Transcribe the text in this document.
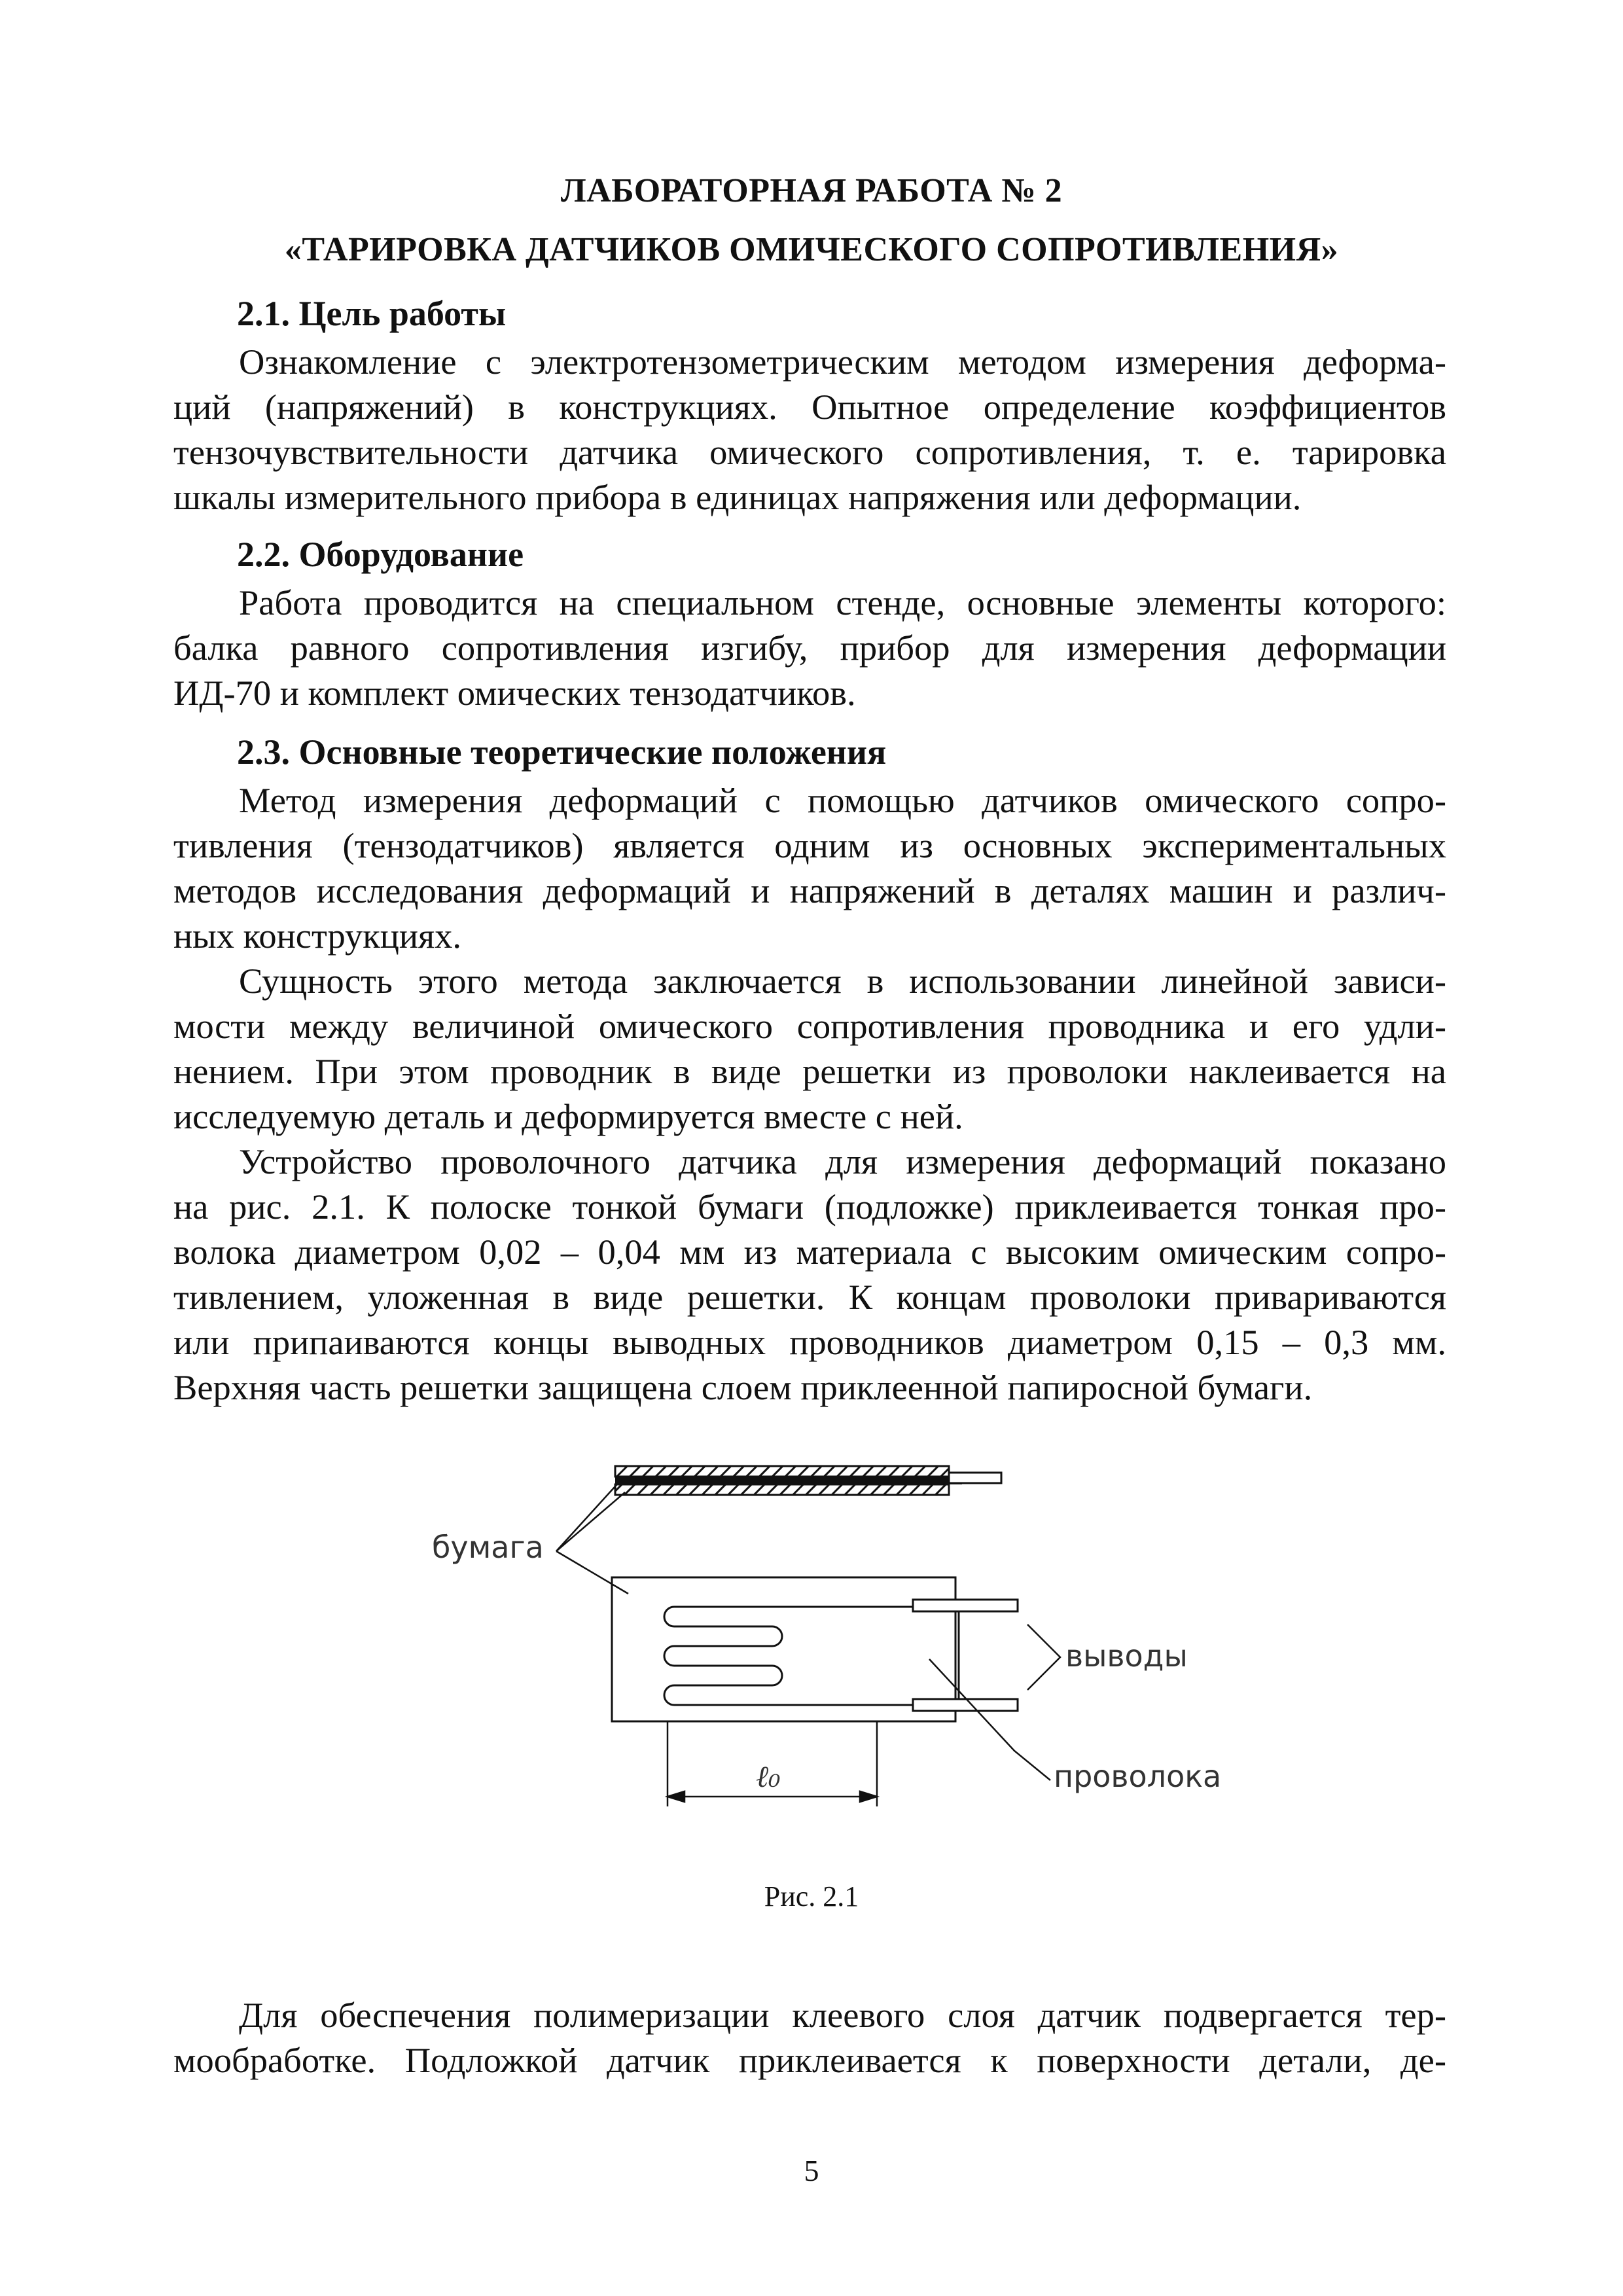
ЛАБОРАТОРНАЯ РАБОТА № 2
«ТАРИРОВКА ДАТЧИКОВ ОМИЧЕСКОГО СОПРОТИВЛЕНИЯ»
2.1. Цель работы
Ознакомление с электротензометрическим методом измерения деформа-
ций (напряжений) в конструкциях. Опытное определение коэффициентов
тензочувствительности датчика омического сопротивления, т. е. тарировка
шкалы измерительного прибора в единицах напряжения или деформации.
2.2. Оборудование
Работа проводится на специальном стенде, основные элементы которого:
балка равного сопротивления изгибу, прибор для измерения деформации
ИД-70 и комплект омических тензодатчиков.
2.3. Основные теоретические положения
Метод измерения деформаций с помощью датчиков омического сопро-
тивления (тензодатчиков) является одним из основных экспериментальных
методов исследования деформаций и напряжений в деталях машин и различ-
ных конструкциях.
Сущность этого метода заключается в использовании линейной зависи-
мости между величиной омического сопротивления проводника и его удли-
нением. При этом проводник в виде решетки из проволоки наклеивается на
исследуемую деталь и деформируется вместе с ней.
Устройство проволочного датчика для измерения деформаций показано
на рис. 2.1. К полоске тонкой бумаги (подложке) приклеивается тонкая про-
волока диаметром 0,02 – 0,04 мм из материала с высоким омическим сопро-
тивлением, уложенная в виде решетки. К концам проволоки привариваются
или припаиваются концы выводных проводников диаметром 0,15 – 0,3 мм.
Верхняя часть решетки защищена слоем приклеенной папиросной бумаги.
бумага
выводы
проволока
ℓ₀
Рис. 2.1
Для обеспечения полимеризации клеевого слоя датчик подвергается тер-
мообработке. Подложкой датчик приклеивается к поверхности детали, де-
5
